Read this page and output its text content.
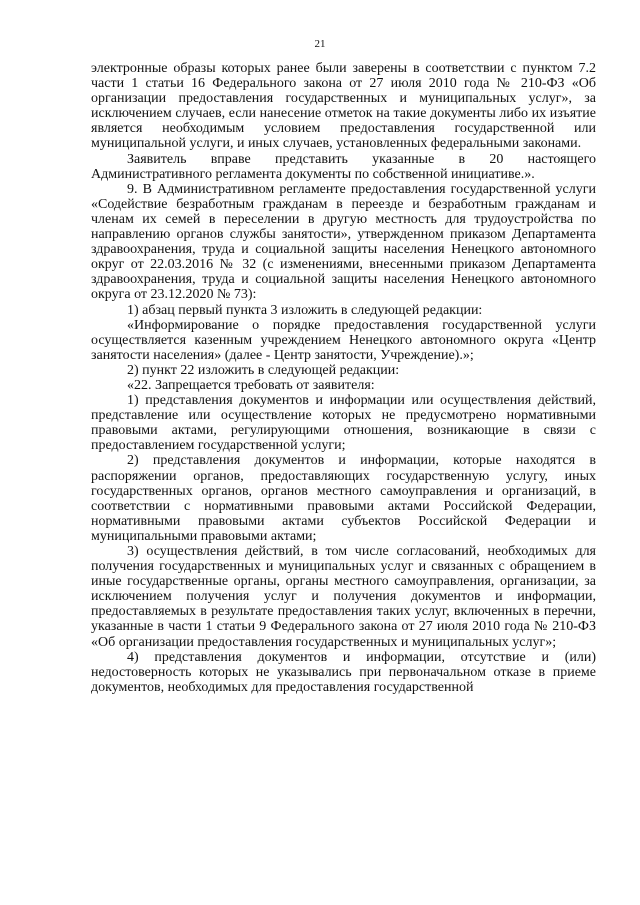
21

электронные образы которых ранее были заверены в соответствии с пунктом 7.2 части 1 статьи 16 Федерального закона от 27 июля 2010 года № 210-ФЗ «Об организации предоставления государственных и муниципальных услуг», за исключением случаев, если нанесение отметок на такие документы либо их изъятие является необходимым условием предоставления государственной или муниципальной услуги, и иных случаев, установленных федеральными законами.

Заявитель вправе представить указанные в 20 настоящего Административного регламента документы по собственной инициативе.».

9. В Административном регламенте предоставления государственной услуги «Содействие безработным гражданам в переезде и безработным гражданам и членам их семей в переселении в другую местность для трудоустройства по направлению органов службы занятости», утвержденном приказом Департамента здравоохранения, труда и социальной защиты населения Ненецкого автономного округ от 22.03.2016 № 32 (с изменениями, внесенными приказом Департамента здравоохранения, труда и социальной защиты населения Ненецкого автономного округа от 23.12.2020 № 73):

1) абзац первый пункта 3 изложить в следующей редакции:

«Информирование о порядке предоставления государственной услуги осуществляется казенным учреждением Ненецкого автономного округа «Центр занятости населения» (далее - Центр занятости, Учреждение).»;

2) пункт 22 изложить в следующей редакции:

«22. Запрещается требовать от заявителя:

1) представления документов и информации или осуществления действий, представление или осуществление которых не предусмотрено нормативными правовыми актами, регулирующими отношения, возникающие в связи с предоставлением государственной услуги;

2) представления документов и информации, которые находятся в распоряжении органов, предоставляющих государственную услугу, иных государственных органов, органов местного самоуправления и организаций, в соответствии с нормативными правовыми актами Российской Федерации, нормативными правовыми актами субъектов Российской Федерации и муниципальными правовыми актами;

3) осуществления действий, в том числе согласований, необходимых для получения государственных и муниципальных услуг и связанных с обращением в иные государственные органы, органы местного самоуправления, организации, за исключением получения услуг и получения документов и информации, предоставляемых в результате предоставления таких услуг, включенных в перечни, указанные в части 1 статьи 9 Федерального закона от 27 июля 2010 года № 210-ФЗ «Об организации предоставления государственных и муниципальных услуг»;

4) представления документов и информации, отсутствие и (или) недостоверность которых не указывались при первоначальном отказе в приеме документов, необходимых для предоставления государственной
